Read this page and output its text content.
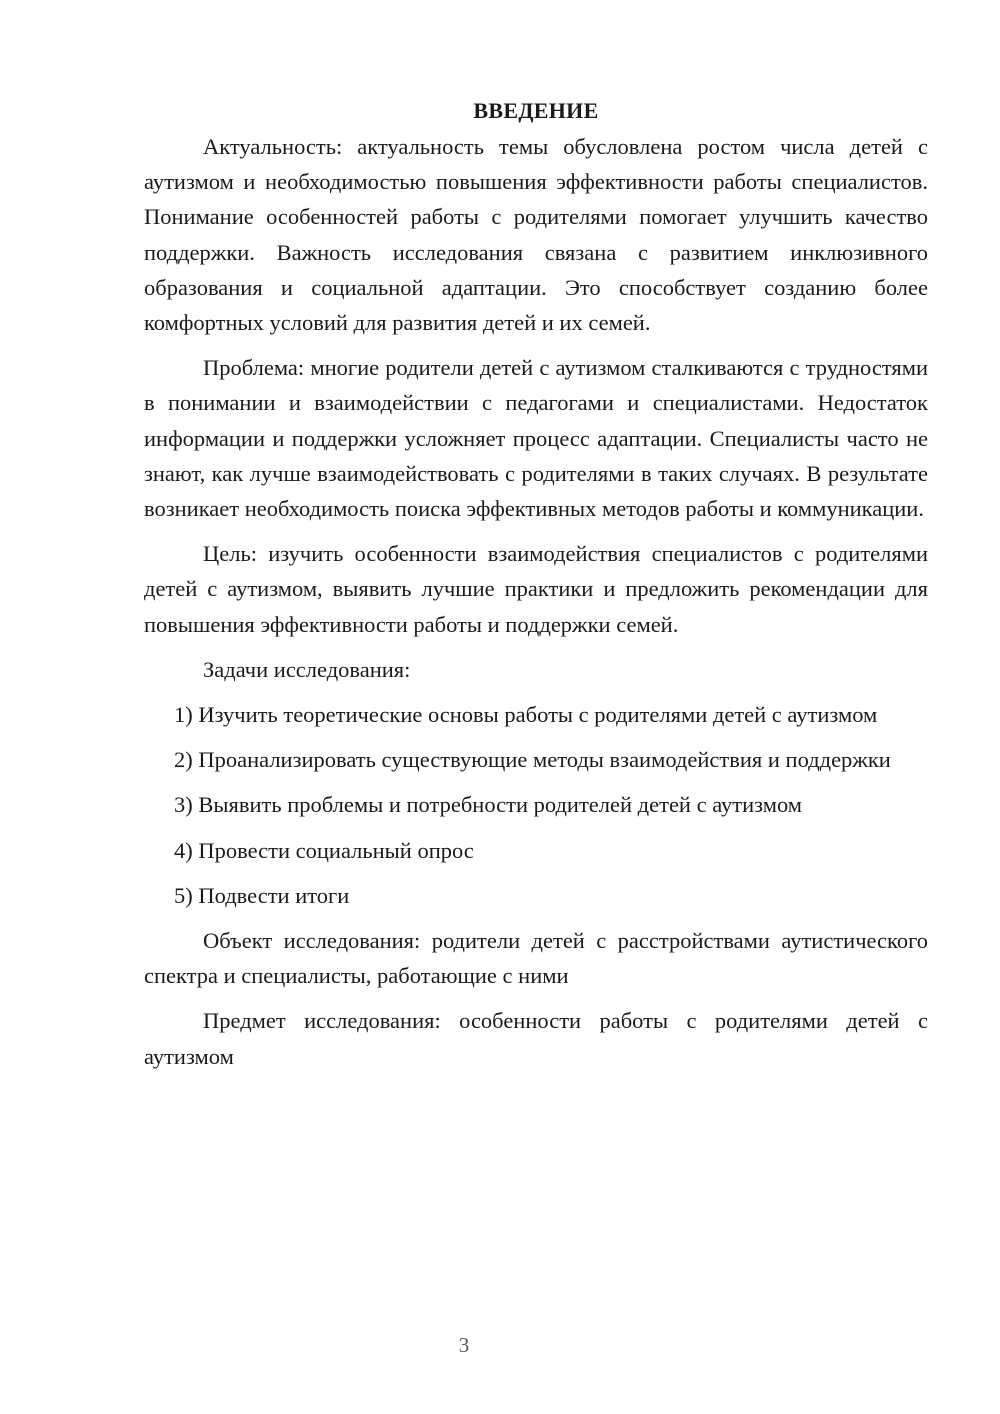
ВВЕДЕНИЕ

Актуальность: актуальность темы обусловлена ростом числа детей с аутизмом и необходимостью повышения эффективности работы специалистов. Понимание особенностей работы с родителями помогает улучшить качество поддержки. Важность исследования связана с развитием инклюзивного образования и социальной адаптации. Это способствует созданию более комфортных условий для развития детей и их семей.

Проблема: многие родители детей с аутизмом сталкиваются с трудностями в понимании и взаимодействии с педагогами и специалистами. Недостаток информации и поддержки усложняет процесс адаптации. Специалисты часто не знают, как лучше взаимодействовать с родителями в таких случаях. В результате возникает необходимость поиска эффективных методов работы и коммуникации.

Цель: изучить особенности взаимодействия специалистов с родителями детей с аутизмом, выявить лучшие практики и предложить рекомендации для повышения эффективности работы и поддержки семей.

Задачи исследования:

1) Изучить теоретические основы работы с родителями детей с аутизмом

2) Проанализировать существующие методы взаимодействия и поддержки

3) Выявить проблемы и потребности родителей детей с аутизмом

4) Провести социальный опрос

5) Подвести итоги

Объект исследования: родители детей с расстройствами аутистического спектра и специалисты, работающие с ними

Предмет исследования: особенности работы с родителями детей с аутизмом

3
